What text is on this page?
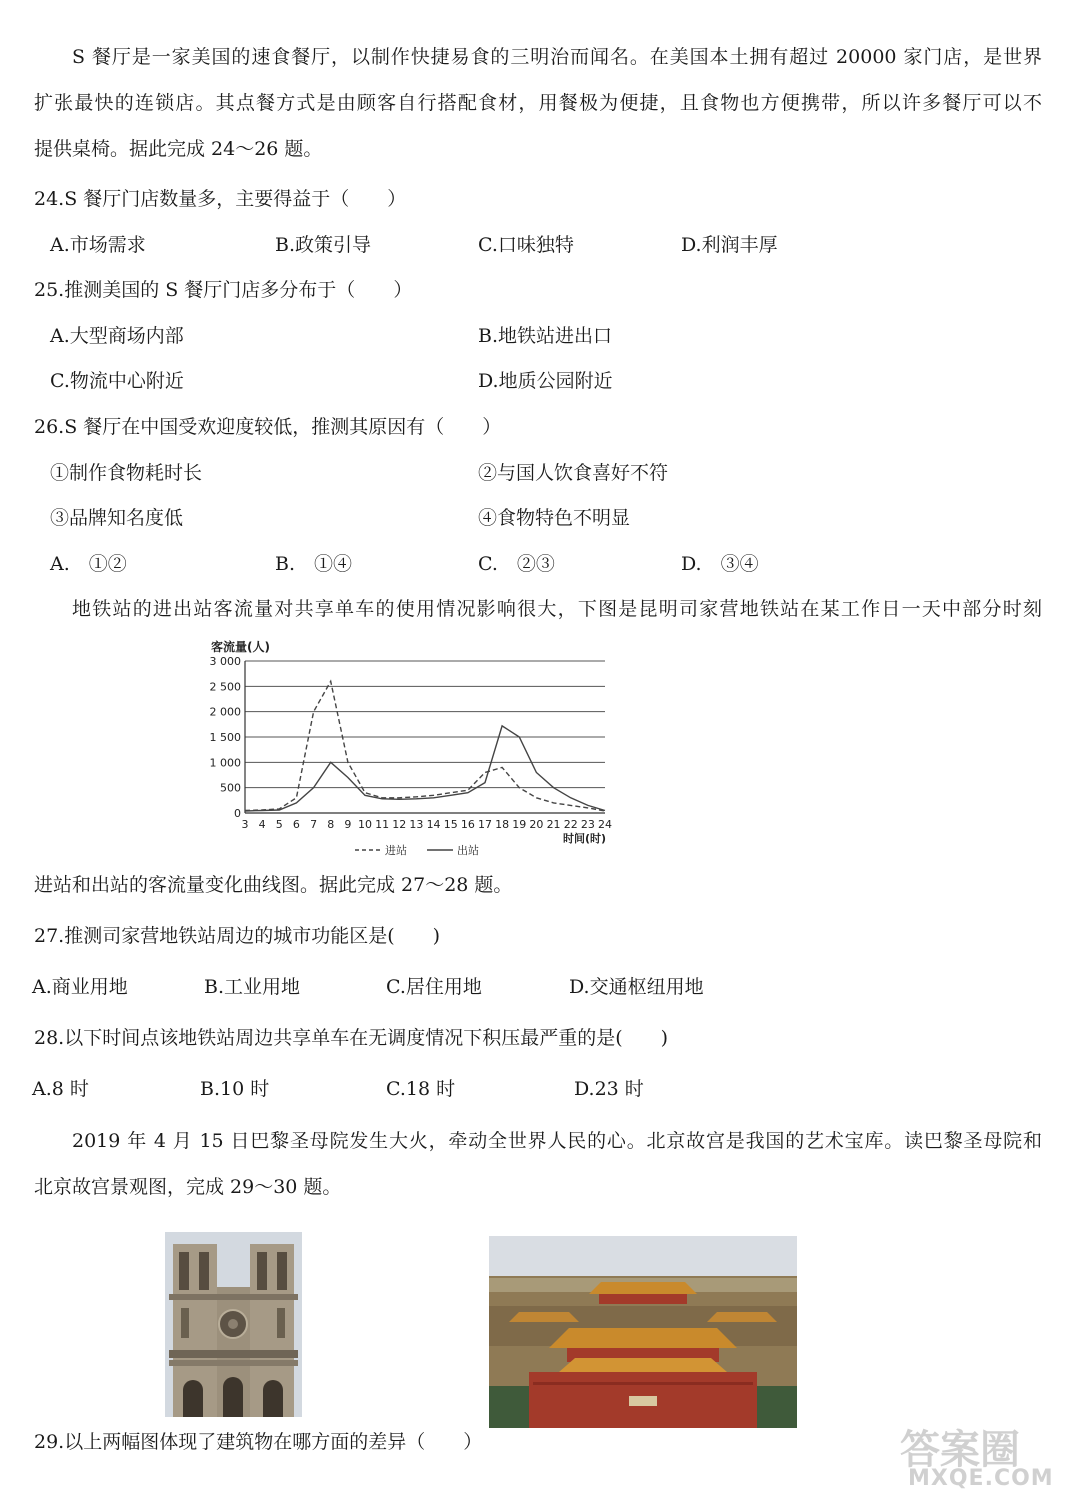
S 餐厅是一家美国的速食餐厅，以制作快捷易食的三明治而闻名。在美国本土拥有超过 20000 家门店，是世界
扩张最快的连锁店。其点餐方式是由顾客自行搭配食材，用餐极为便捷，且食物也方便携带，所以许多餐厅可以不
提供桌椅。据此完成 24～26 题。
24.S 餐厅门店数量多，主要得益于（　　）
A.市场需求	B.政策引导	C.口味独特	D.利润丰厚
25.推测美国的 S 餐厅门店多分布于（　　）
A.大型商场内部	B.地铁站进出口
C.物流中心附近	D.地质公园附近
26.S 餐厅在中国受欢迎度较低，推测其原因有（　　）
①制作食物耗时长	②与国人饮食喜好不符
③品牌知名度低	④食物特色不明显
A.　①②	B.　①④	C.　②③	D.　③④
地铁站的进出站客流量对共享单车的使用情况影响很大，下图是昆明司家营地铁站在某工作日一天中部分时刻
客流量(人)
0
500
1 000
1 500
2 000
2 500
3 000
3 4 5 6 7 8 9 10 11 12 13 14 15 16 17 18 19 20 21 22 23 24
时间(时)
进站	出站
进站和出站的客流量变化曲线图。据此完成 27～28 题。
27.推测司家营地铁站周边的城市功能区是(　　)
A.商业用地	B.工业用地	C.居住用地	D.交通枢纽用地
28.以下时间点该地铁站周边共享单车在无调度情况下积压最严重的是(　　)
A.8 时	B.10 时	C.18 时	D.23 时
2019 年 4 月 15 日巴黎圣母院发生大火，牵动全世界人民的心。北京故宫是我国的艺术宝库。读巴黎圣母院和
北京故宫景观图，完成 29～30 题。
29.以上两幅图体现了建筑物在哪方面的差异（　　）	答案圈
MXQE.COM
